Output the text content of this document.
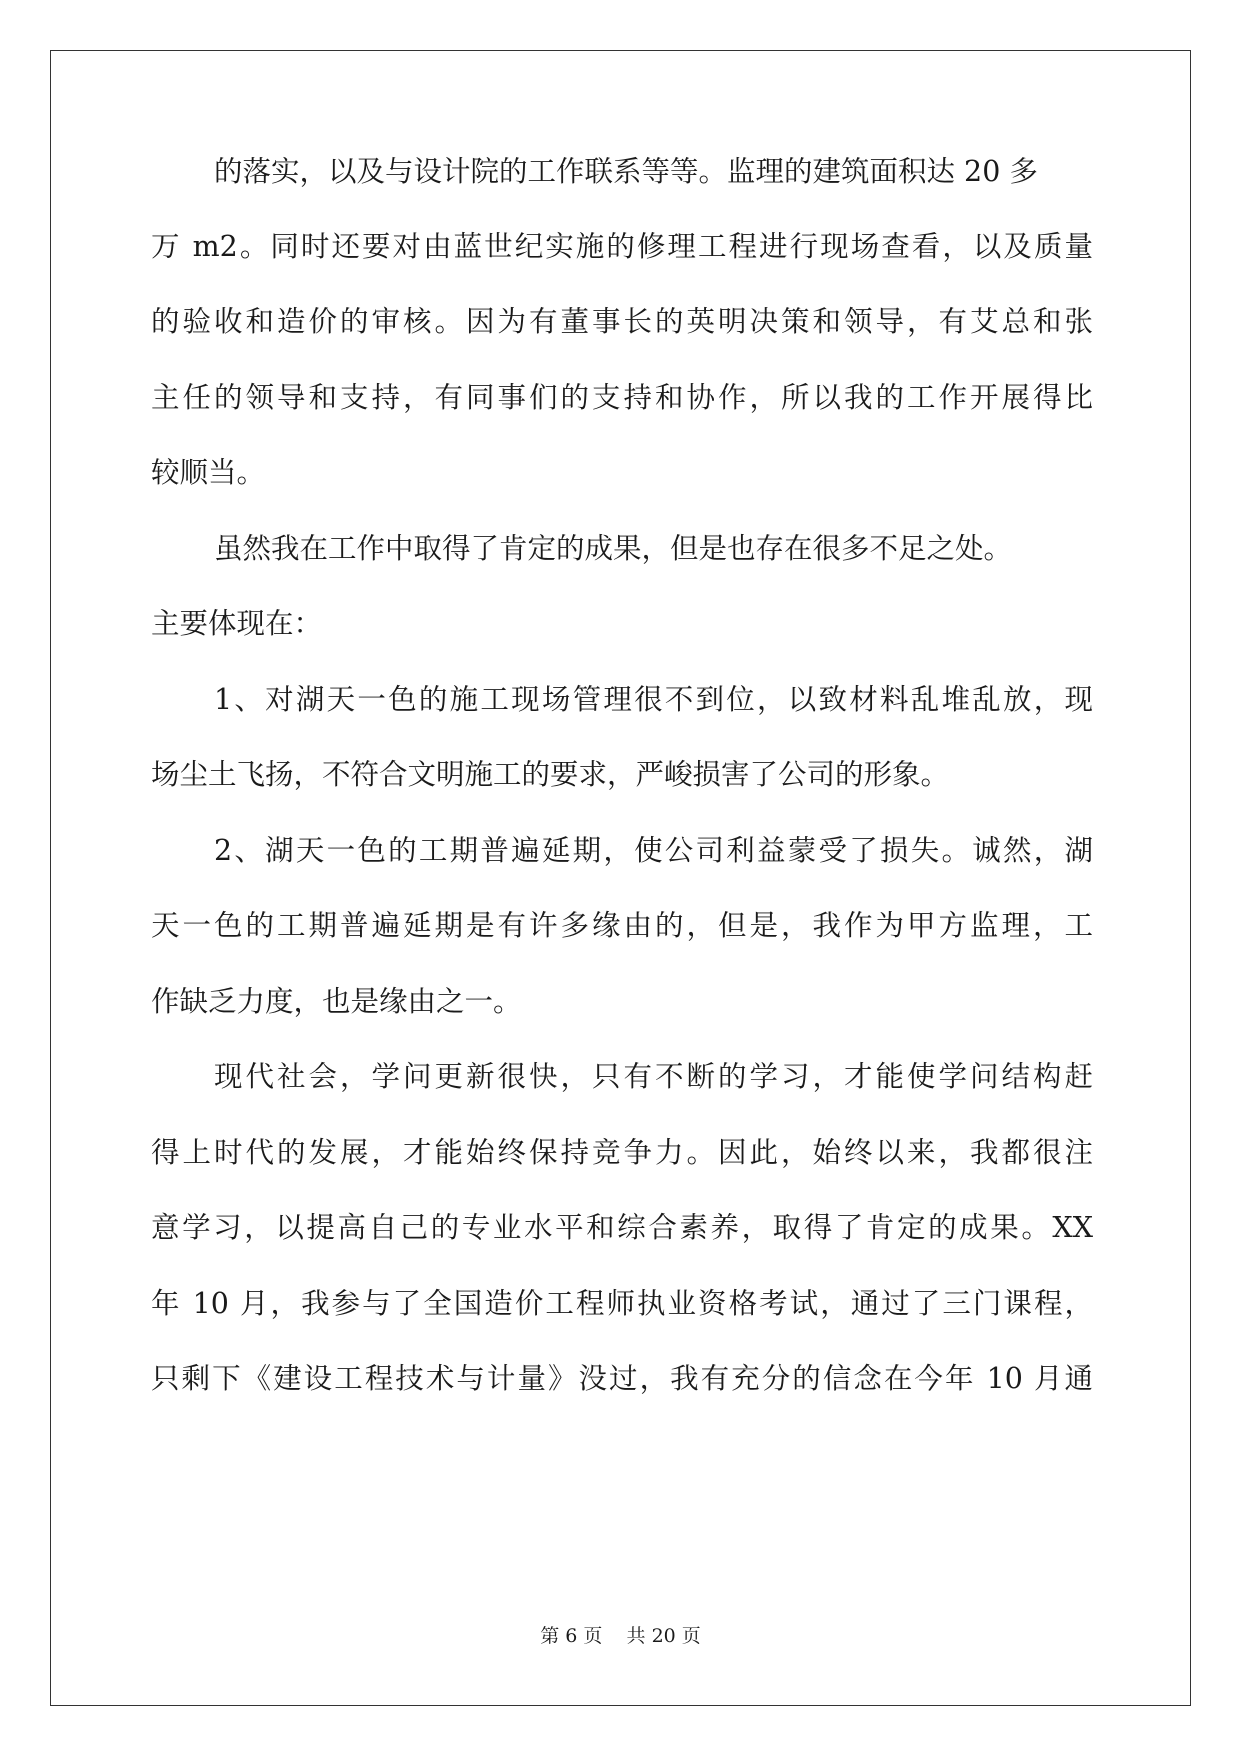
的落实，以及与设计院的工作联系等等。监理的建筑面积达 20 多
万 m2。同时还要对由蓝世纪实施的修理工程进行现场查看，以及质量
的验收和造价的审核。因为有董事长的英明决策和领导，有艾总和张
主任的领导和支持，有同事们的支持和协作，所以我的工作开展得比
较顺当。
虽然我在工作中取得了肯定的成果，但是也存在很多不足之处。
主要体现在：
1、对湖天一色的施工现场管理很不到位，以致材料乱堆乱放，现
场尘土飞扬，不符合文明施工的要求，严峻损害了公司的形象。
2、湖天一色的工期普遍延期，使公司利益蒙受了损失。诚然，湖
天一色的工期普遍延期是有许多缘由的，但是，我作为甲方监理，工
作缺乏力度，也是缘由之一。
现代社会，学问更新很快，只有不断的学习，才能使学问结构赶
得上时代的发展，才能始终保持竞争力。因此，始终以来，我都很注
意学习，以提高自己的专业水平和综合素养，取得了肯定的成果。XX
年 10 月，我参与了全国造价工程师执业资格考试，通过了三门课程，
只剩下《建设工程技术与计量》没过，我有充分的信念在今年 10 月通
第 6 页    共 20 页
